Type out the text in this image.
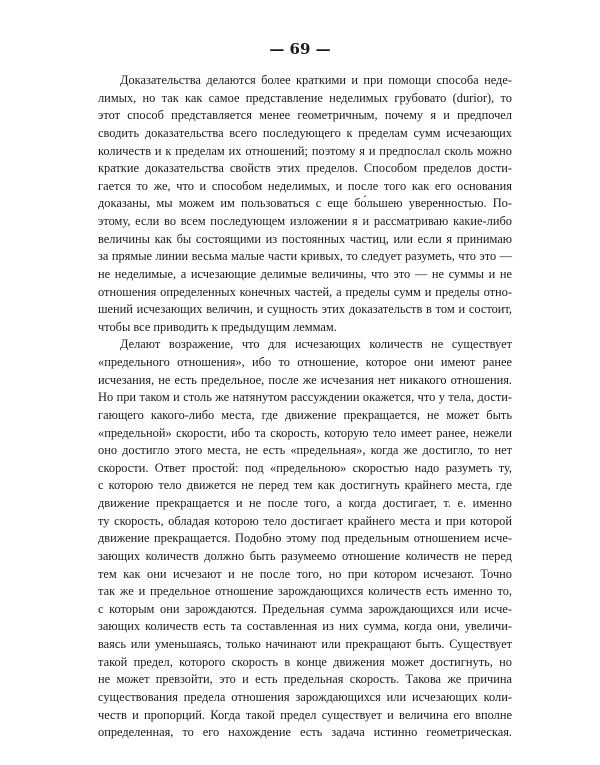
— 69 —
Доказательства делаются более краткими и при помощи способа неде-
лимых, но так как самое представление неделимых грубовато (durior), то
этот способ представляется менее геометричным, почему я и предпочел
сводить доказательства всего последующего к пределам сумм исчезающих
количеств и к пределам их отношений; поэтому я и предпослал сколь можно
краткие доказательства свойств этих пределов. Способом пределов дости-
гается то же, что и способом неделимых, и после того как его основания
доказаны, мы можем им пользоваться с еще бо́льшею уверенностью. По-
этому, если во всем последующем изложении я и рассматриваю какие-либо
величины как бы состоящими из постоянных частиц, или если я принимаю
за прямые линии весьма малые части кривых, то следует разуметь, что это —
не неделимые, а исчезающие делимые величины, что это — не суммы и не
отношения определенных конечных частей, а пределы сумм и пределы отно-
шений исчезающих величин, и сущность этих доказательств в том и состоит,
чтобы все приводить к предыдущим леммам.
Делают возражение, что для исчезающих количеств не существует
«предельного отношения», ибо то отношение, которое они имеют ранее
исчезания, не есть предельное, после же исчезания нет никакого отношения.
Но при таком и столь же натянутом рассуждении окажется, что у тела, дости-
гающего какого-либо места, где движение прекращается, не может быть
«предельной» скорости, ибо та скорость, которую тело имеет ранее, нежели
оно достигло этого места, не есть «предельная», когда же достигло, то нет
скорости. Ответ простой: под «предельною» скоростью надо разуметь ту,
с которою тело движется не перед тем как достигнуть крайнего места, где
движение прекращается и не после того, а когда достигает, т. е. именно
ту скорость, обладая которою тело достигает крайнего места и при которой
движение прекращается. Подобно этому под предельным отношением исче-
зающих количеств должно быть разумеемо отношение количеств не перед
тем как они исчезают и не после того, но при котором исчезают. Точно
так же и предельное отношение зарождающихся количеств есть именно то,
с которым они зарождаются. Предельная сумма зарождающихся или исче-
зающих количеств есть та составленная из них сумма, когда они, увеличи-
ваясь или уменьшаясь, только начинают или прекращают быть. Существует
такой предел, которого скорость в конце движения может достигнуть, но
не может превзойти, это и есть предельная скорость. Такова же причина
существования предела отношения зарождающихся или исчезающих коли-
честв и пропорций. Когда такой предел существует и величина его вполне
определенная, то его нахождение есть задача истинно геометрическая.
